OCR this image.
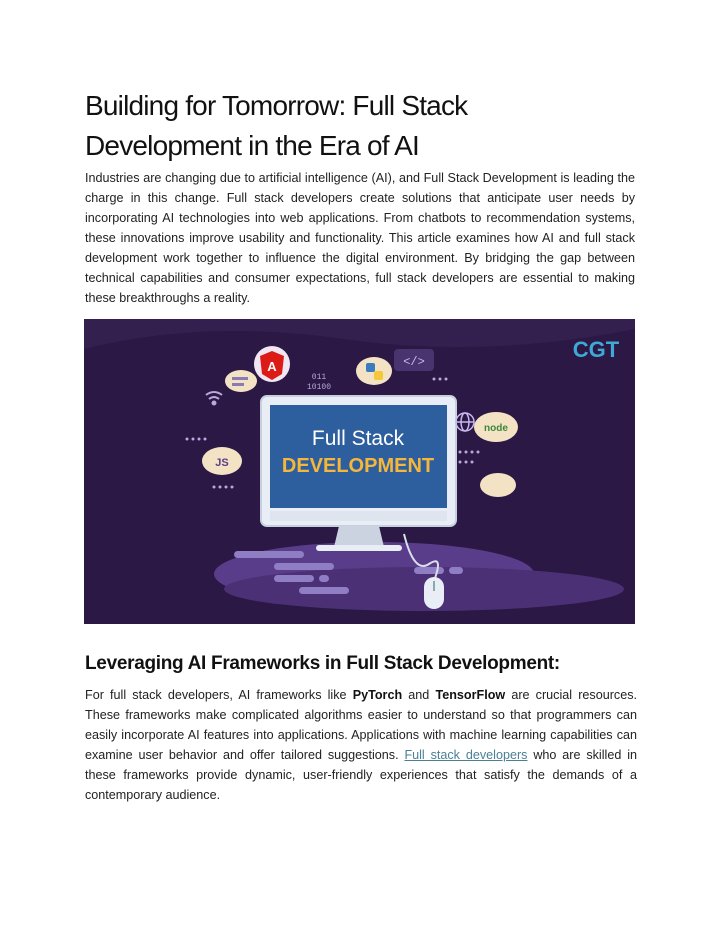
Building for Tomorrow: Full Stack
Development in the Era of AI

Industries are changing due to artificial intelligence (AI), and Full Stack Development is leading the charge in this change. Full stack developers create solutions that anticipate user needs by incorporating AI technologies into web applications. From chatbots to recommendation systems, these innovations improve usability and functionality. This article examines how AI and full stack development work together to influence the digital environment. By bridging the gap between technical capabilities and consumer expectations, full stack developers are essential to making these breakthroughs a reality.

Full Stack
DEVELOPMENT
A	</>
011
10100
JS
node
CGT
Leveraging AI Frameworks in Full Stack Development:

For full stack developers, AI frameworks like PyTorch and TensorFlow are crucial resources. These frameworks make complicated algorithms easier to understand so that programmers can easily incorporate AI features into applications. Applications with machine learning capabilities can examine user behavior and offer tailored suggestions. Full stack developers who are skilled in these frameworks provide dynamic, user-friendly experiences that satisfy the demands of a contemporary audience.
